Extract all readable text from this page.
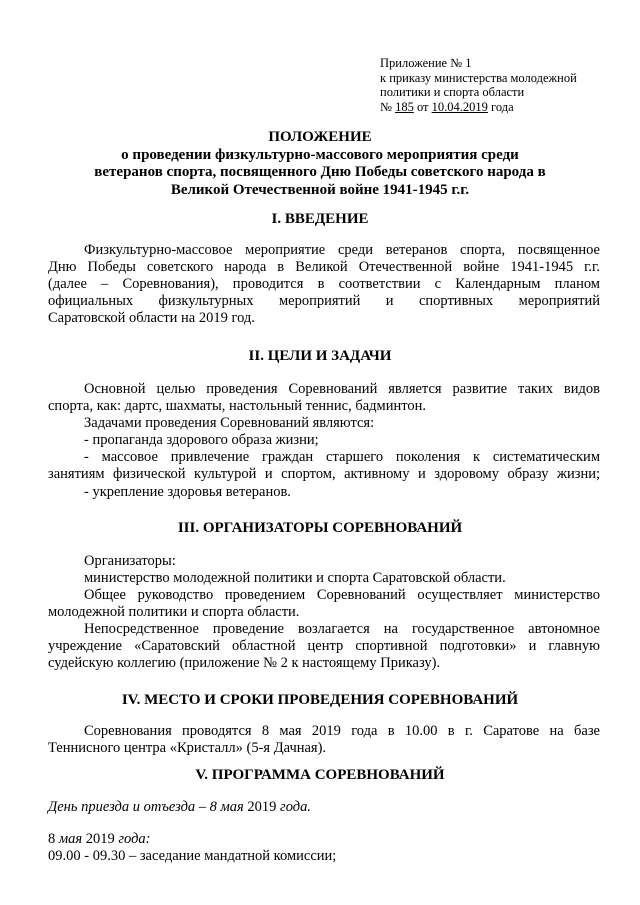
Приложение № 1
к приказу министерства молодежной
политики и спорта области
№ 185 от 10.04.2019 года
ПОЛОЖЕНИЕ
о проведении физкультурно-массового мероприятия среди
ветеранов спорта, посвященного Дню Победы советского народа в
Великой Отечественной войне 1941-1945 г.г.
I. ВВЕДЕНИЕ
Физкультурно-массовое мероприятие среди ветеранов спорта, посвященное
Дню Победы советского народа в Великой Отечественной войне 1941-1945 г.г.
(далее – Соревнования), проводится в соответствии с Календарным планом
официальных физкультурных мероприятий и спортивных мероприятий
Саратовской области на 2019 год.
II. ЦЕЛИ И ЗАДАЧИ
Основной целью проведения Соревнований является развитие таких видов
спорта, как: дартс, шахматы, настольный теннис, бадминтон.
Задачами проведения Соревнований являются:
- пропаганда здорового образа жизни;
- массовое привлечение граждан старшего поколения к систематическим
занятиям физической культурой и спортом, активному и здоровому образу жизни;
- укрепление здоровья ветеранов.
III. ОРГАНИЗАТОРЫ СОРЕВНОВАНИЙ
Организаторы:
министерство молодежной политики и спорта Саратовской области.
Общее руководство проведением Соревнований осуществляет министерство
молодежной политики и спорта области.
Непосредственное проведение возлагается на государственное автономное
учреждение «Саратовский областной центр спортивной подготовки» и главную
судейскую коллегию (приложение № 2 к настоящему Приказу).
IV. МЕСТО И СРОКИ ПРОВЕДЕНИЯ СОРЕВНОВАНИЙ
Соревнования проводятся 8 мая 2019 года в 10.00 в г. Саратове на базе
Теннисного центра «Кристалл» (5-я Дачная).
V. ПРОГРАММА СОРЕВНОВАНИЙ
День приезда и отъезда – 8 мая 2019 года.
8 мая 2019 года:
09.00 - 09.30 – заседание мандатной комиссии;
